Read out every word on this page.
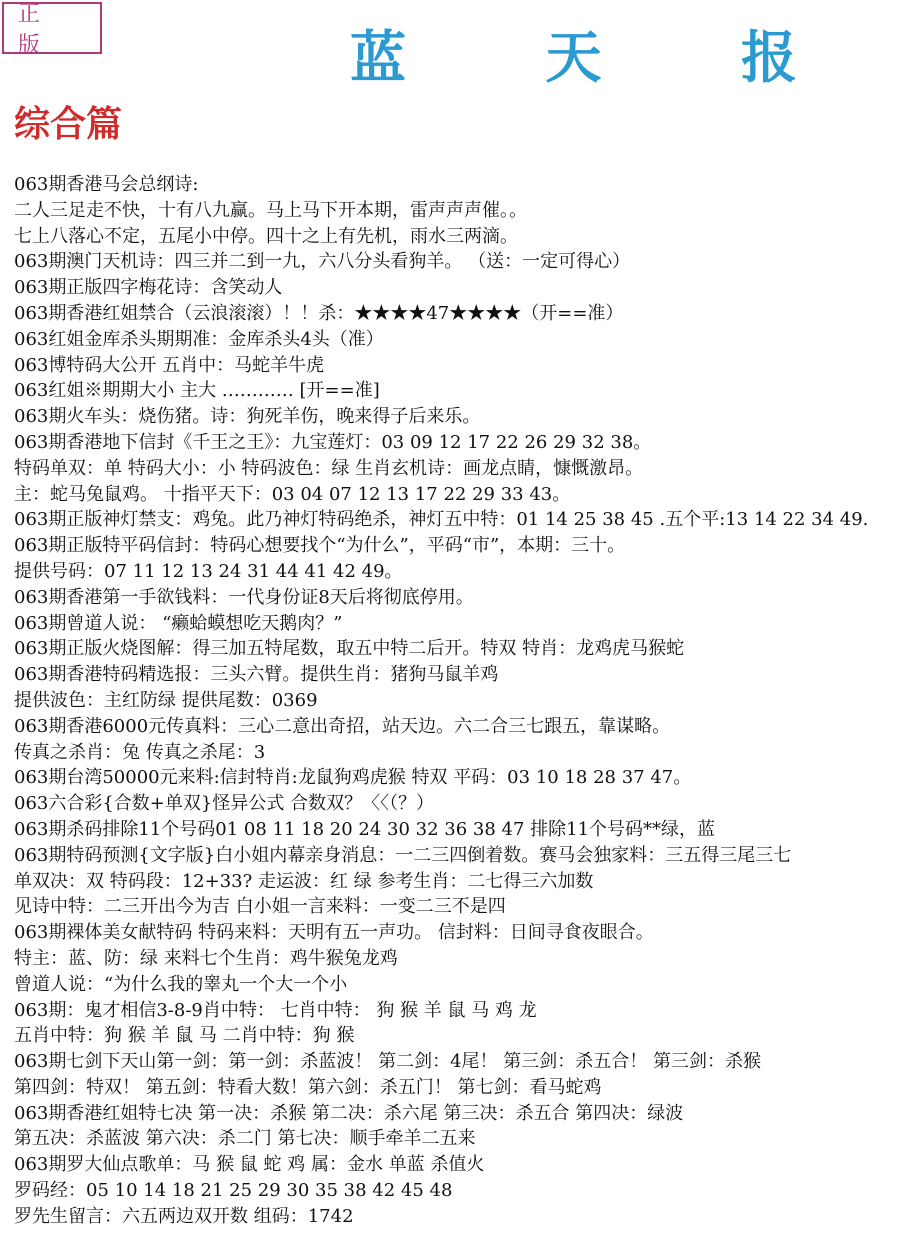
正 版	蓝 天 报
综合篇
063期香港马会总纲诗:
二人三足走不快，十有八九赢。马上马下开本期，雷声声声催。。
七上八落心不定，五尾小中停。四十之上有先机，雨水三两滴。
063期澳门天机诗：四三并二到一九，六八分头看狗羊。 （送：一定可得心）
063期正版四字梅花诗：含笑动人
063期香港红姐禁合（云浪滚滚）！！杀：★★★★47★★★★（开==准）
063红姐金库杀头期期准：金库杀头4头（准）
063博特码大公开 五肖中：马蛇羊牛虎
063红姐※期期大小 主大 ………… [开==准]
063期火车头：烧伤猪。诗：狗死羊伤，晚来得子后来乐。
063期香港地下信封《千王之王》：九宝莲灯：03 09 12 17 22 26 29 32 38。
特码单双：单 特码大小：小 特码波色：绿 生肖玄机诗：画龙点睛，慷慨激昂。
主：蛇马兔鼠鸡。 十指平天下：03 04 07 12 13 17 22 29 33 43。
063期正版神灯禁支：鸡兔。此乃神灯特码绝杀，神灯五中特：01 14 25 38 45 .五个平:13 14 22 34 49.
063期正版特平码信封：特码心想要找个“为什么”，平码“市”，本期：三十。
提供号码：07 11 12 13 24 31 44 41 42 49。
063期香港第一手欲钱料：一代身份证8天后将彻底停用。
063期曾道人说： “癞蛤蟆想吃天鹅肉？”
063期正版火烧图解：得三加五特尾数，取五中特二后开。特双 特肖：龙鸡虎马猴蛇
063期香港特码精选报：三头六臂。提供生肖：猪狗马鼠羊鸡
提供波色：主红防绿 提供尾数：0369
063期香港6000元传真料：三心二意出奇招，站天边。六二合三七跟五，靠谋略。
传真之杀肖：兔 传真之杀尾：3
063期台湾50000元来料:信封特肖:龙鼠狗鸡虎猴 特双 平码：03 10 18 28 37 47。
063六合彩{合数+单双}怪异公式 合数双？〈〈（？）
063期杀码排除11个号码01 08 11 18 20 24 30 32 36 38 47 排除11个号码**绿，蓝
063期特码预测{文字版}白小姐内幕亲身消息：一二三四倒着数。赛马会独家料：三五得三尾三七
单双决：双 特码段：12+33? 走运波：红 绿 参考生肖：二七得三六加数
见诗中特：二三开出今为吉 白小姐一言来料：一变二三不是四
063期裸体美女献特码 特码来料：天明有五一声功。 信封料：日间寻食夜眼合。
特主：蓝、防：绿 来料七个生肖：鸡牛猴兔龙鸡
曾道人说：“为什么我的睾丸一个大一个小
063期：鬼才相信3-8-9肖中特： 七肖中特： 狗 猴 羊 鼠 马 鸡 龙
五肖中特：狗 猴 羊 鼠 马 二肖中特：狗 猴
063期七剑下天山第一剑：第一剑：杀蓝波！ 第二剑：4尾！ 第三剑：杀五合！ 第三剑：杀猴
第四剑：特双！ 第五剑：特看大数！第六剑：杀五门！ 第七剑：看马蛇鸡
063期香港红姐特七决 第一决：杀猴 第二决：杀六尾 第三决：杀五合 第四决：绿波
第五决：杀蓝波 第六决：杀二门 第七决：顺手牵羊二五来
063期罗大仙点歌单：马 猴 鼠 蛇 鸡 属：金水 单蓝 杀值火
罗码经：05 10 14 18 21 25 29 30 35 38 42 45 48
罗先生留言：六五两边双开数 组码：1742
